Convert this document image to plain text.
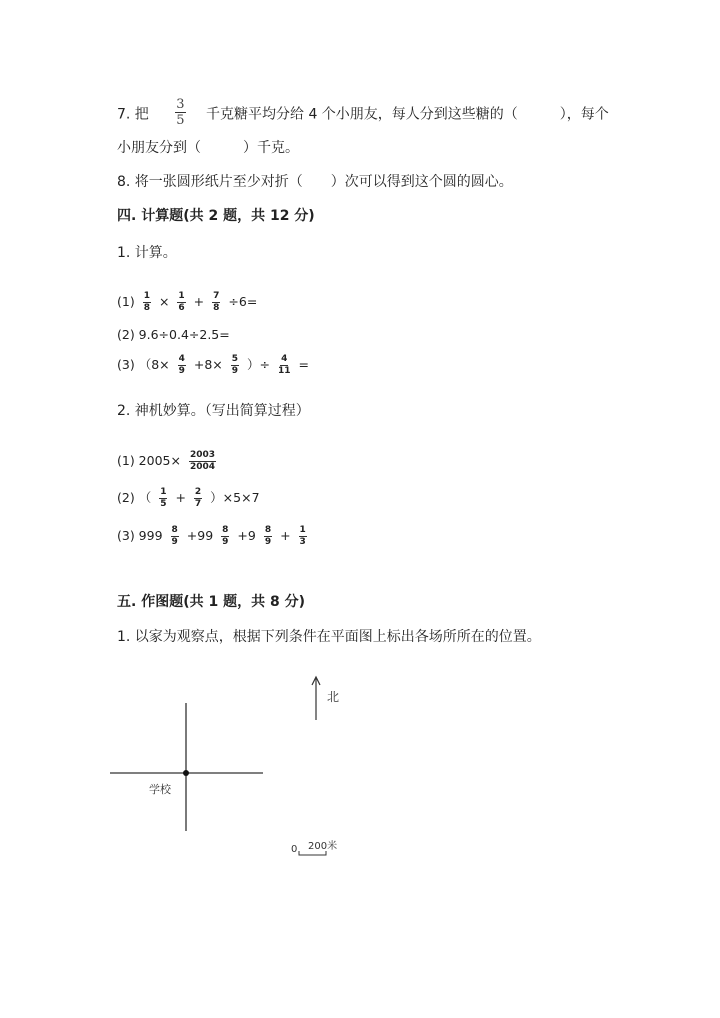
7. 把 $\frac{3}{5}$ 千克糖平均分给 4 个小朋友，每人分到这些糖的（　　　），每个
小朋友分到（　　　）千克。
8. 将一张圆形纸片至少对折（　　）次可以得到这个圆的圆心。
四. 计算题(共 2 题，共 12 分)
1. 计算。
$(1) \frac{1}{8} \times \frac{1}{6} + \frac{7}{8} \div 6=$
(2) 9.6÷0.4÷2.5=
(3) （$8\times \frac{4}{9} +8\times \frac{5}{9}$ ）÷ $\frac{4}{11}$ =
2. 神机妙算。（写出简算过程）
(1) $2005\times \frac{2003}{2004}$
(2) （ $\frac{1}{5} + \frac{2}{7} )\times 5\times 7$
(3) $999 \frac{8}{9} +99 \frac{8}{9} +9 \frac{8}{9} + \frac{1}{3}$
五. 作图题(共 1 题，共 8 分)
1. 以家为观察点，根据下列条件在平面图上标出各场所所在的位置。
学校
北
0 200米
